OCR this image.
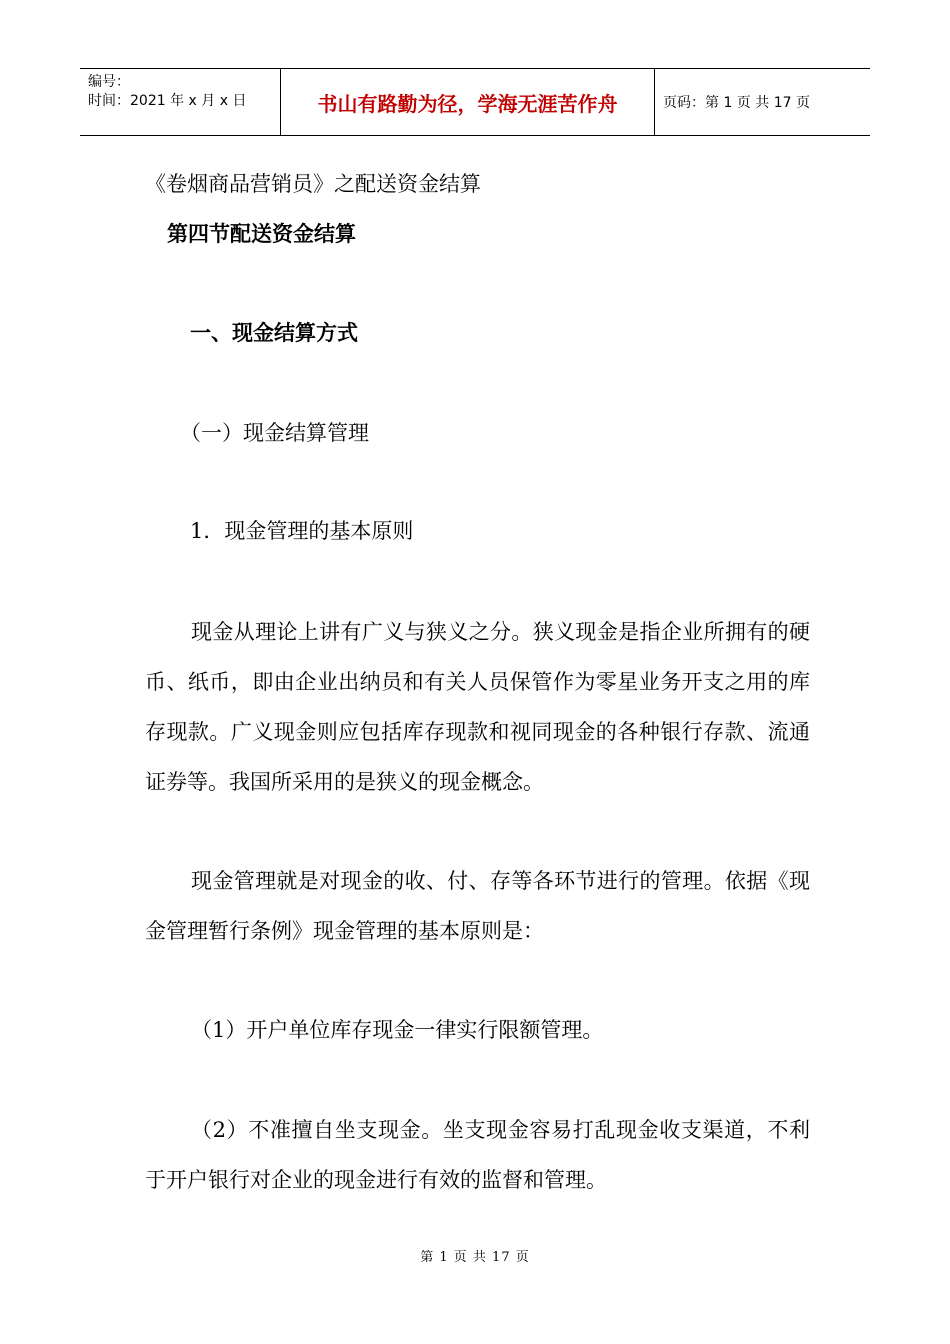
编号：
时间：2021 年 x 月 x 日	书山有路勤为径，学海无涯苦作舟	页码：第 1 页 共 17 页
《卷烟商品营销员》之配送资金结算
第四节配送资金结算
一、现金结算方式
（一）现金结算管理
1．现金管理的基本原则
现金从理论上讲有广义与狭义之分。狭义现金是指企业所拥有的硬币、纸币，即由企业出纳员和有关人员保管作为零星业务开支之用的库存现款。广义现金则应包括库存现款和视同现金的各种银行存款、流通证券等。我国所采用的是狭义的现金概念。
现金管理就是对现金的收、付、存等各环节进行的管理。依据《现金管理暂行条例》现金管理的基本原则是：
（1）开户单位库存现金一律实行限额管理。
（2）不准擅自坐支现金。坐支现金容易打乱现金收支渠道，不利于开户银行对企业的现金进行有效的监督和管理。
第 1 页 共 17 页
